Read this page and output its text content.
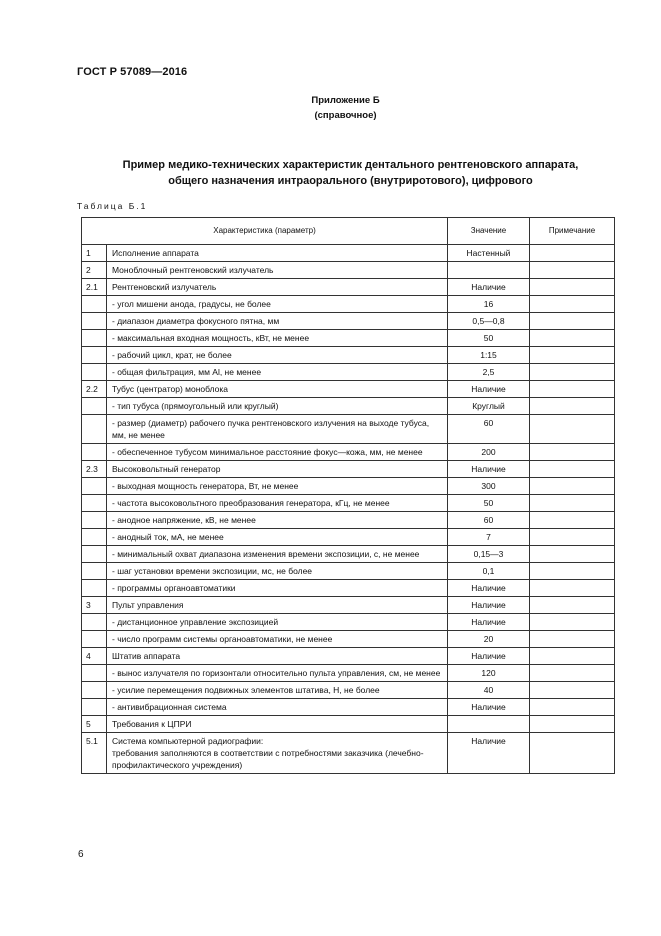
ГОСТ Р 57089—2016
Приложение Б
(справочное)
Пример медико-технических характеристик дентального рентгеновского аппарата,
общего назначения интраорального (внутриротового), цифрового
Таблица Б.1
Характеристика (параметр)		Значение	Примечание
1	Исполнение аппарата	Настенный	
2	Моноблочный рентгеновский излучатель		
2.1	Рентгеновский излучатель	Наличие	
	- угол мишени анода, градусы, не более	16	
	- диапазон диаметра фокусного пятна, мм	0,5—0,8	
	- максимальная входная мощность, кВт, не менее	50	
	- рабочий цикл, крат, не более	1:15	
	- общая фильтрация, мм Al, не менее	2,5	
2.2	Тубус (центратор) моноблока	Наличие	
	- тип тубуса (прямоугольный или круглый)	Круглый	
	- размер (диаметр) рабочего пучка рентгеновского излучения на выходе тубуса, мм, не менее	60	
	- обеспеченное тубусом минимальное расстояние фокус—кожа, мм, не менее	200	
2.3	Высоковольтный генератор	Наличие	
	- выходная мощность генератора, Вт, не менее	300	
	- частота высоковольтного преобразования генератора, кГц, не менее	50	
	- анодное напряжение, кВ, не менее	60	
	- анодный ток, мА, не менее	7	
	- минимальный охват диапазона изменения времени экспозиции, с, не менее	0,15—3	
	- шаг установки времени экспозиции, мс, не более	0,1	
	- программы органоавтоматики	Наличие	
3	Пульт управления	Наличие	
	- дистанционное управление экспозицией	Наличие	
	- число программ системы органоавтоматики, не менее	20	
4	Штатив аппарата	Наличие	
	- вынос излучателя по горизонтали относительно пульта управления, см, не менее	120	
	- усилие перемещения подвижных элементов штатива, Н, не более	40	
	- антивибрационная система	Наличие	
5	Требования к ЦПРИ		
5.1	Система компьютерной радиографии:
требования заполняются в соответствии с потребностями заказчика (лечебно-профилактического учреждения)	Наличие	
6
